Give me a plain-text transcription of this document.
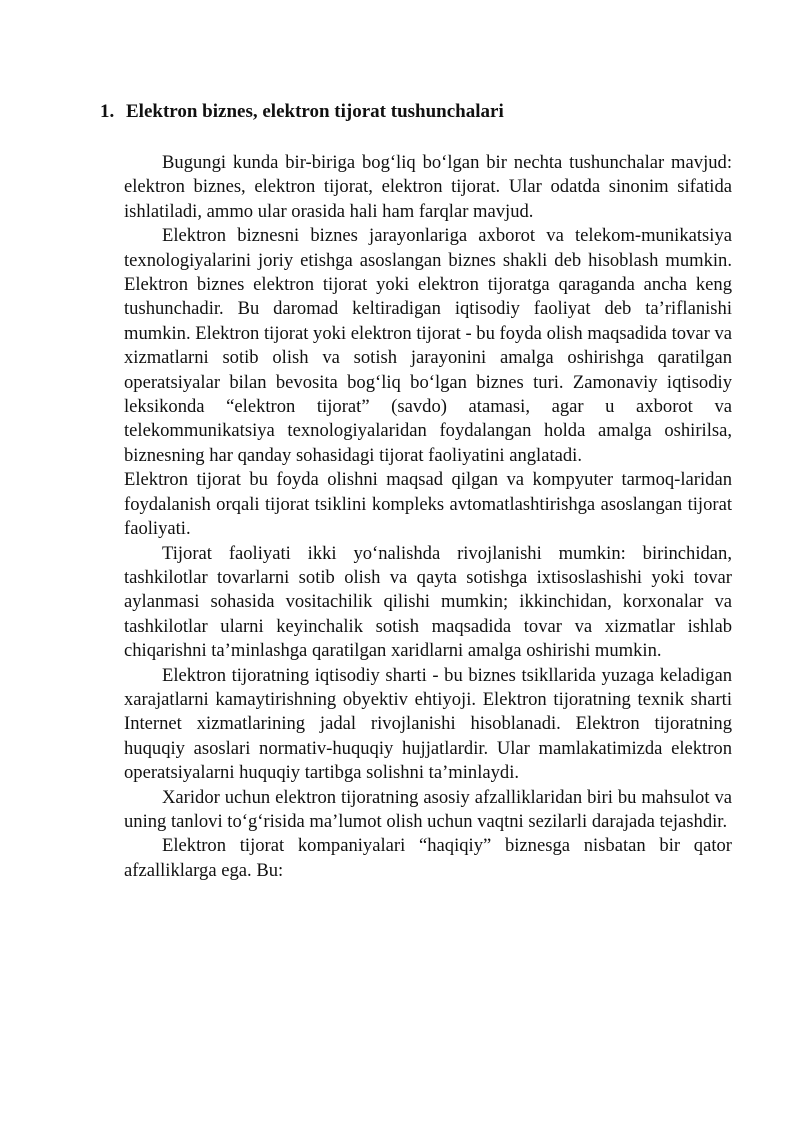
1. Elektron biznes, elektron tijorat tushunchalari

Bugungi kunda bir-biriga bog‘liq bo‘lgan bir nechta tushunchalar mavjud: elektron biznes, elektron tijorat, elektron tijorat. Ular odatda sinonim sifatida ishlatiladi, ammo ular orasida hali ham farqlar mavjud.

Elektron biznesni biznes jarayonlariga axborot va telekom-munikatsiya texnologiyalarini joriy etishga asoslangan biznes shakli deb hisoblash mumkin. Elektron biznes elektron tijorat yoki elektron tijoratga qaraganda ancha keng tushunchadir. Bu daromad keltiradigan iqtisodiy faoliyat deb ta’riflanishi mumkin. Elektron tijorat yoki elektron tijorat - bu foyda olish maqsadida tovar va xizmatlarni sotib olish va sotish jarayonini amalga oshirishga qaratilgan operatsiyalar bilan bevosita bog‘liq bo‘lgan biznes turi. Zamonaviy iqtisodiy leksikonda “elektron tijorat” (savdo) atamasi, agar u axborot va telekommunikatsiya texnologiyalaridan foydalangan holda amalga oshirilsa, biznesning har qanday sohasidagi tijorat faoliyatini anglatadi.

Elektron tijorat bu foyda olishni maqsad qilgan va kompyuter tarmoq-laridan foydalanish orqali tijorat tsiklini kompleks avtomatlashtirishga asoslangan tijorat faoliyati.

Tijorat faoliyati ikki yo‘nalishda rivojlanishi mumkin: birinchidan, tashkilotlar tovarlarni sotib olish va qayta sotishga ixtisoslashishi yoki tovar aylanmasi sohasida vositachilik qilishi mumkin; ikkinchidan, korxonalar va tashkilotlar ularni keyinchalik sotish maqsadida tovar va xizmatlar ishlab chiqarishni ta’minlashga qaratilgan xaridlarni amalga oshirishi mumkin.

Elektron tijoratning iqtisodiy sharti - bu biznes tsikllarida yuzaga keladigan xarajatlarni kamaytirishning obyektiv ehtiyoji. Elektron tijoratning texnik sharti Internet xizmatlarining jadal rivojlanishi hisoblanadi. Elektron tijoratning huquqiy asoslari normativ-huquqiy hujjatlardir. Ular mamlakatimizda elektron operatsiyalarni huquqiy tartibga solishni ta’minlaydi.

Xaridor uchun elektron tijoratning asosiy afzalliklaridan biri bu mahsulot va uning tanlovi to‘g‘risida ma’lumot olish uchun vaqtni sezilarli darajada tejashdir.

Elektron tijorat kompaniyalari “haqiqiy” biznesga nisbatan bir qator afzalliklarga ega. Bu:
